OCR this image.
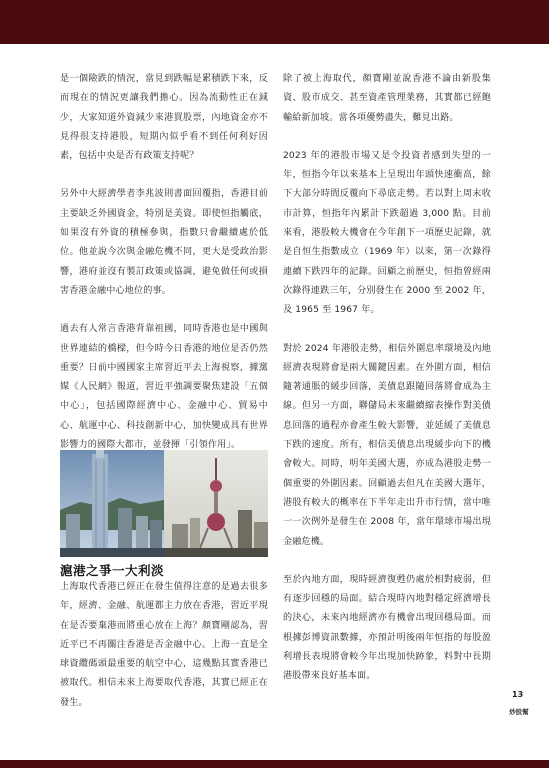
是一個險跌的情況，當見到跌幅是累積跌下來，反而現在的情況更讓我們擔心。因為流動性正在減少，大家知道外資減少來港買股票，內地資金亦不見得很支持港股，短期內似乎看不到任何利好因素，包括中央是否有政策支持呢？

另外中大經濟學者李兆波則書面回覆指，香港目前主要缺乏外國資金，特別是美資。即使恒指觸底，如果沒有外資的積極參與，指數只會繼續處於低位。他並說今次與金融危機不同，更大是受政治影響，港府並沒有製訂政策或協調，避免做任何或損害香港金融中心地位的事。

過去有人常言香港背靠祖國，同時香港也是中國與世界連結的橋樑，但今時今日香港的地位是否仍然重要？日前中國國家主席習近平去上海視察，據黨媒《人民網》報道，習近平強調要聚焦建設「五個中心」，包括國際經濟中心、金融中心、貿易中心、航運中心、科技創新中心，加快變成具有世界影響力的國際大都市，並發揮「引領作用」。

滬港之爭一大利淡

上海取代香港已經正在發生值得注意的是過去很多年，經濟、金融、航運都主力放在香港，習近平現在是否要棄港而將重心放在上海？顏寶剛認為，習近平已不再關注香港是否金融中心。上海一直是全球資纜碼頭最重要的航空中心，這幾點其實香港已被取代。相信未來上海要取代香港，其實已經正在發生。

除了被上海取代，顏寶剛並說香港不論由新股集資、股市成交、甚至資產管理業務，其實都已經飽輸給新加坡。當各項優勢盡失，難見出路。

2023 年的港股市場又是令投資者感到失望的一年，恒指今年以來基本上呈現出年頭快速衝高，餘下大部分時間反覆向下尋底走勢。若以對上周末收市計算，恒指年內累計下跌超過 3,000 點。目前來看，港股較大機會在今年創下一項歷史記錄，就是自恒生指數成立（1969 年）以來，第一次錄得連續下跌四年的記錄。回顧之前歷史，恒指曾經兩次錄得連跌三年，分別發生在 2000 至 2002 年，及 1965 至 1967 年。

對於 2024 年港股走勢，相信外圍息率環境及內地經濟表現將會是兩大關鍵因素。在外圍方面，相信隨著通脹的緩步回落，美債息跟隨回落將會成為主線。但另一方面，聯儲局未來繼續縮表操作對美債息回落的過程亦會產生較大影響，並延緩了美債息下跌的速度。所有，相信美債息出現緩步向下的機會較大。同時，明年美國大選，亦成為港股走勢一個重要的外圍因素。回顧過去但凡在美國大選年，港股有較大的概率在下半年走出升市行情，當中唯一一次例外是發生在 2008 年，當年環球市場出現金融危機。

至於內地方面，現時經濟復甦仍處於相對疲弱，但有逐步回穩的局面。結合現時內地對穩定經濟增長的決心，未來內地經濟亦有機會出現回穩局面。而根據彭博資訊數據，亦預計明後兩年恒指的每股盈利增長表現將會較今年出現加快跡象，料對中長期港股帶來良好基本面。

13
炒股幫
